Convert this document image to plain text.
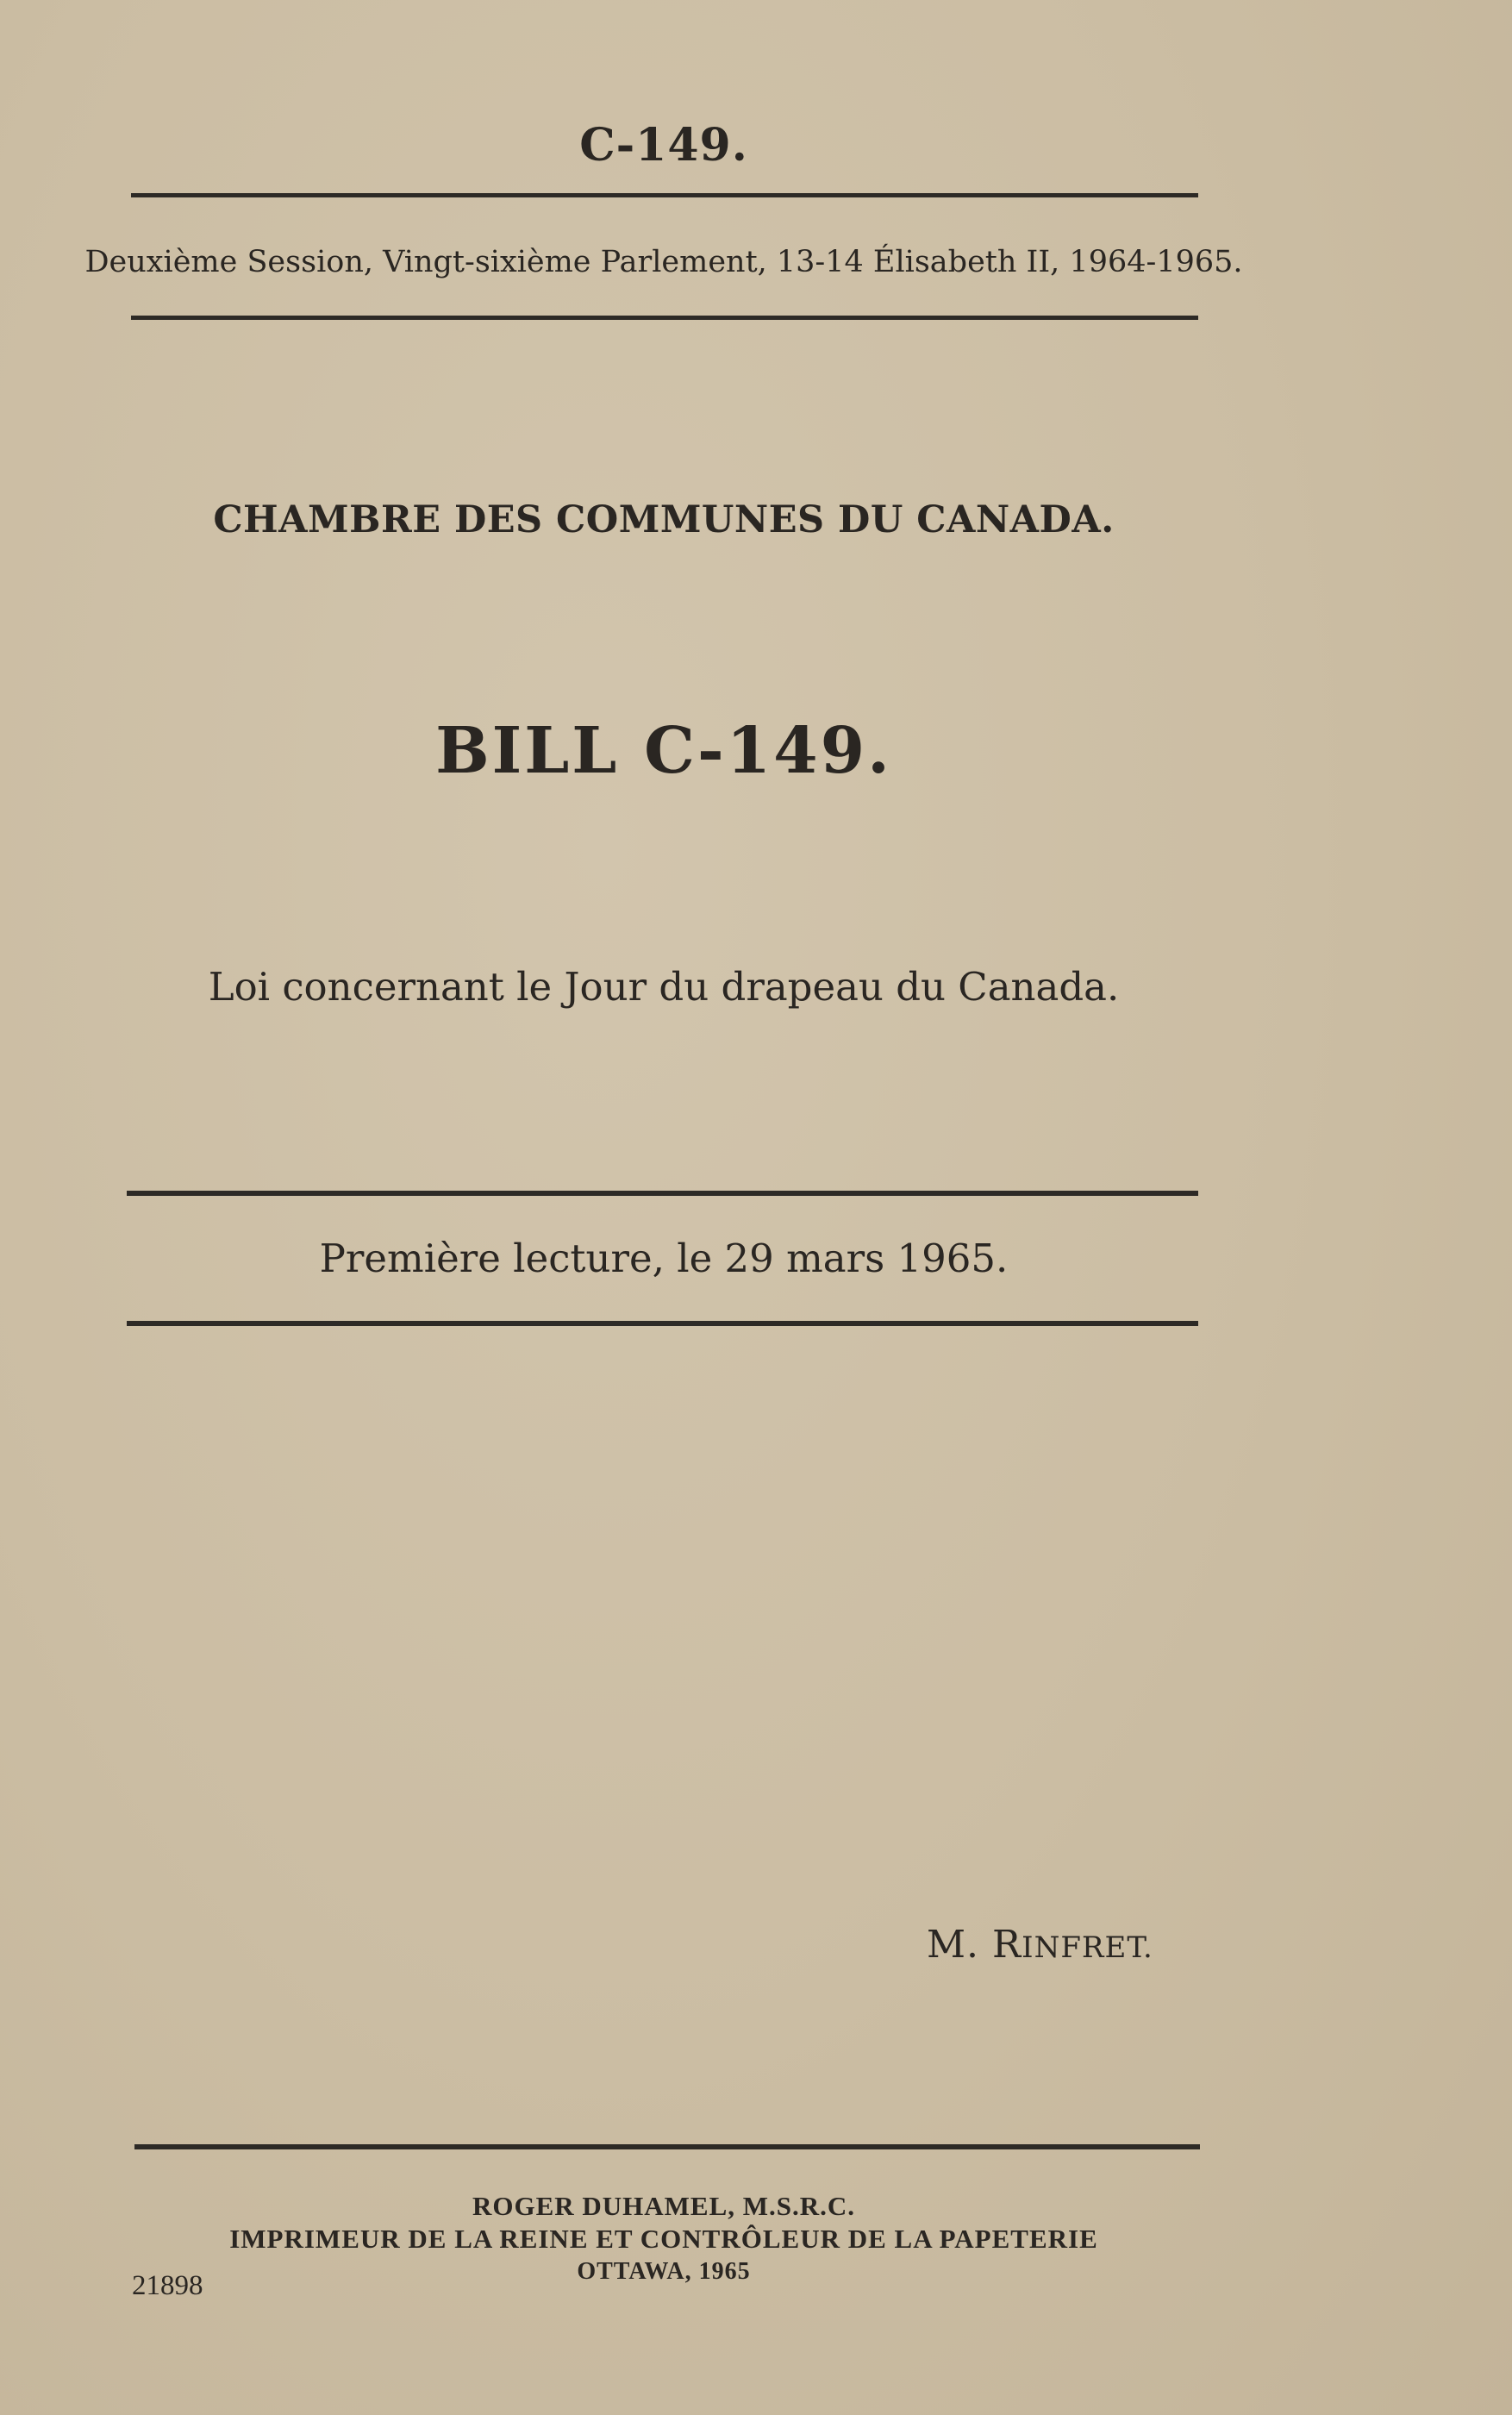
C-149.
Deuxième Session, Vingt-sixième Parlement, 13-14 Élisabeth II, 1964-1965.
CHAMBRE DES COMMUNES DU CANADA.
BILL C-149.
Loi concernant le Jour du drapeau du Canada.
Première lecture, le 29 mars 1965.
M. RINFRET.
ROGER DUHAMEL, M.S.R.C.
IMPRIMEUR DE LA REINE ET CONTRÔLEUR DE LA PAPETERIE
OTTAWA, 1965
21898
